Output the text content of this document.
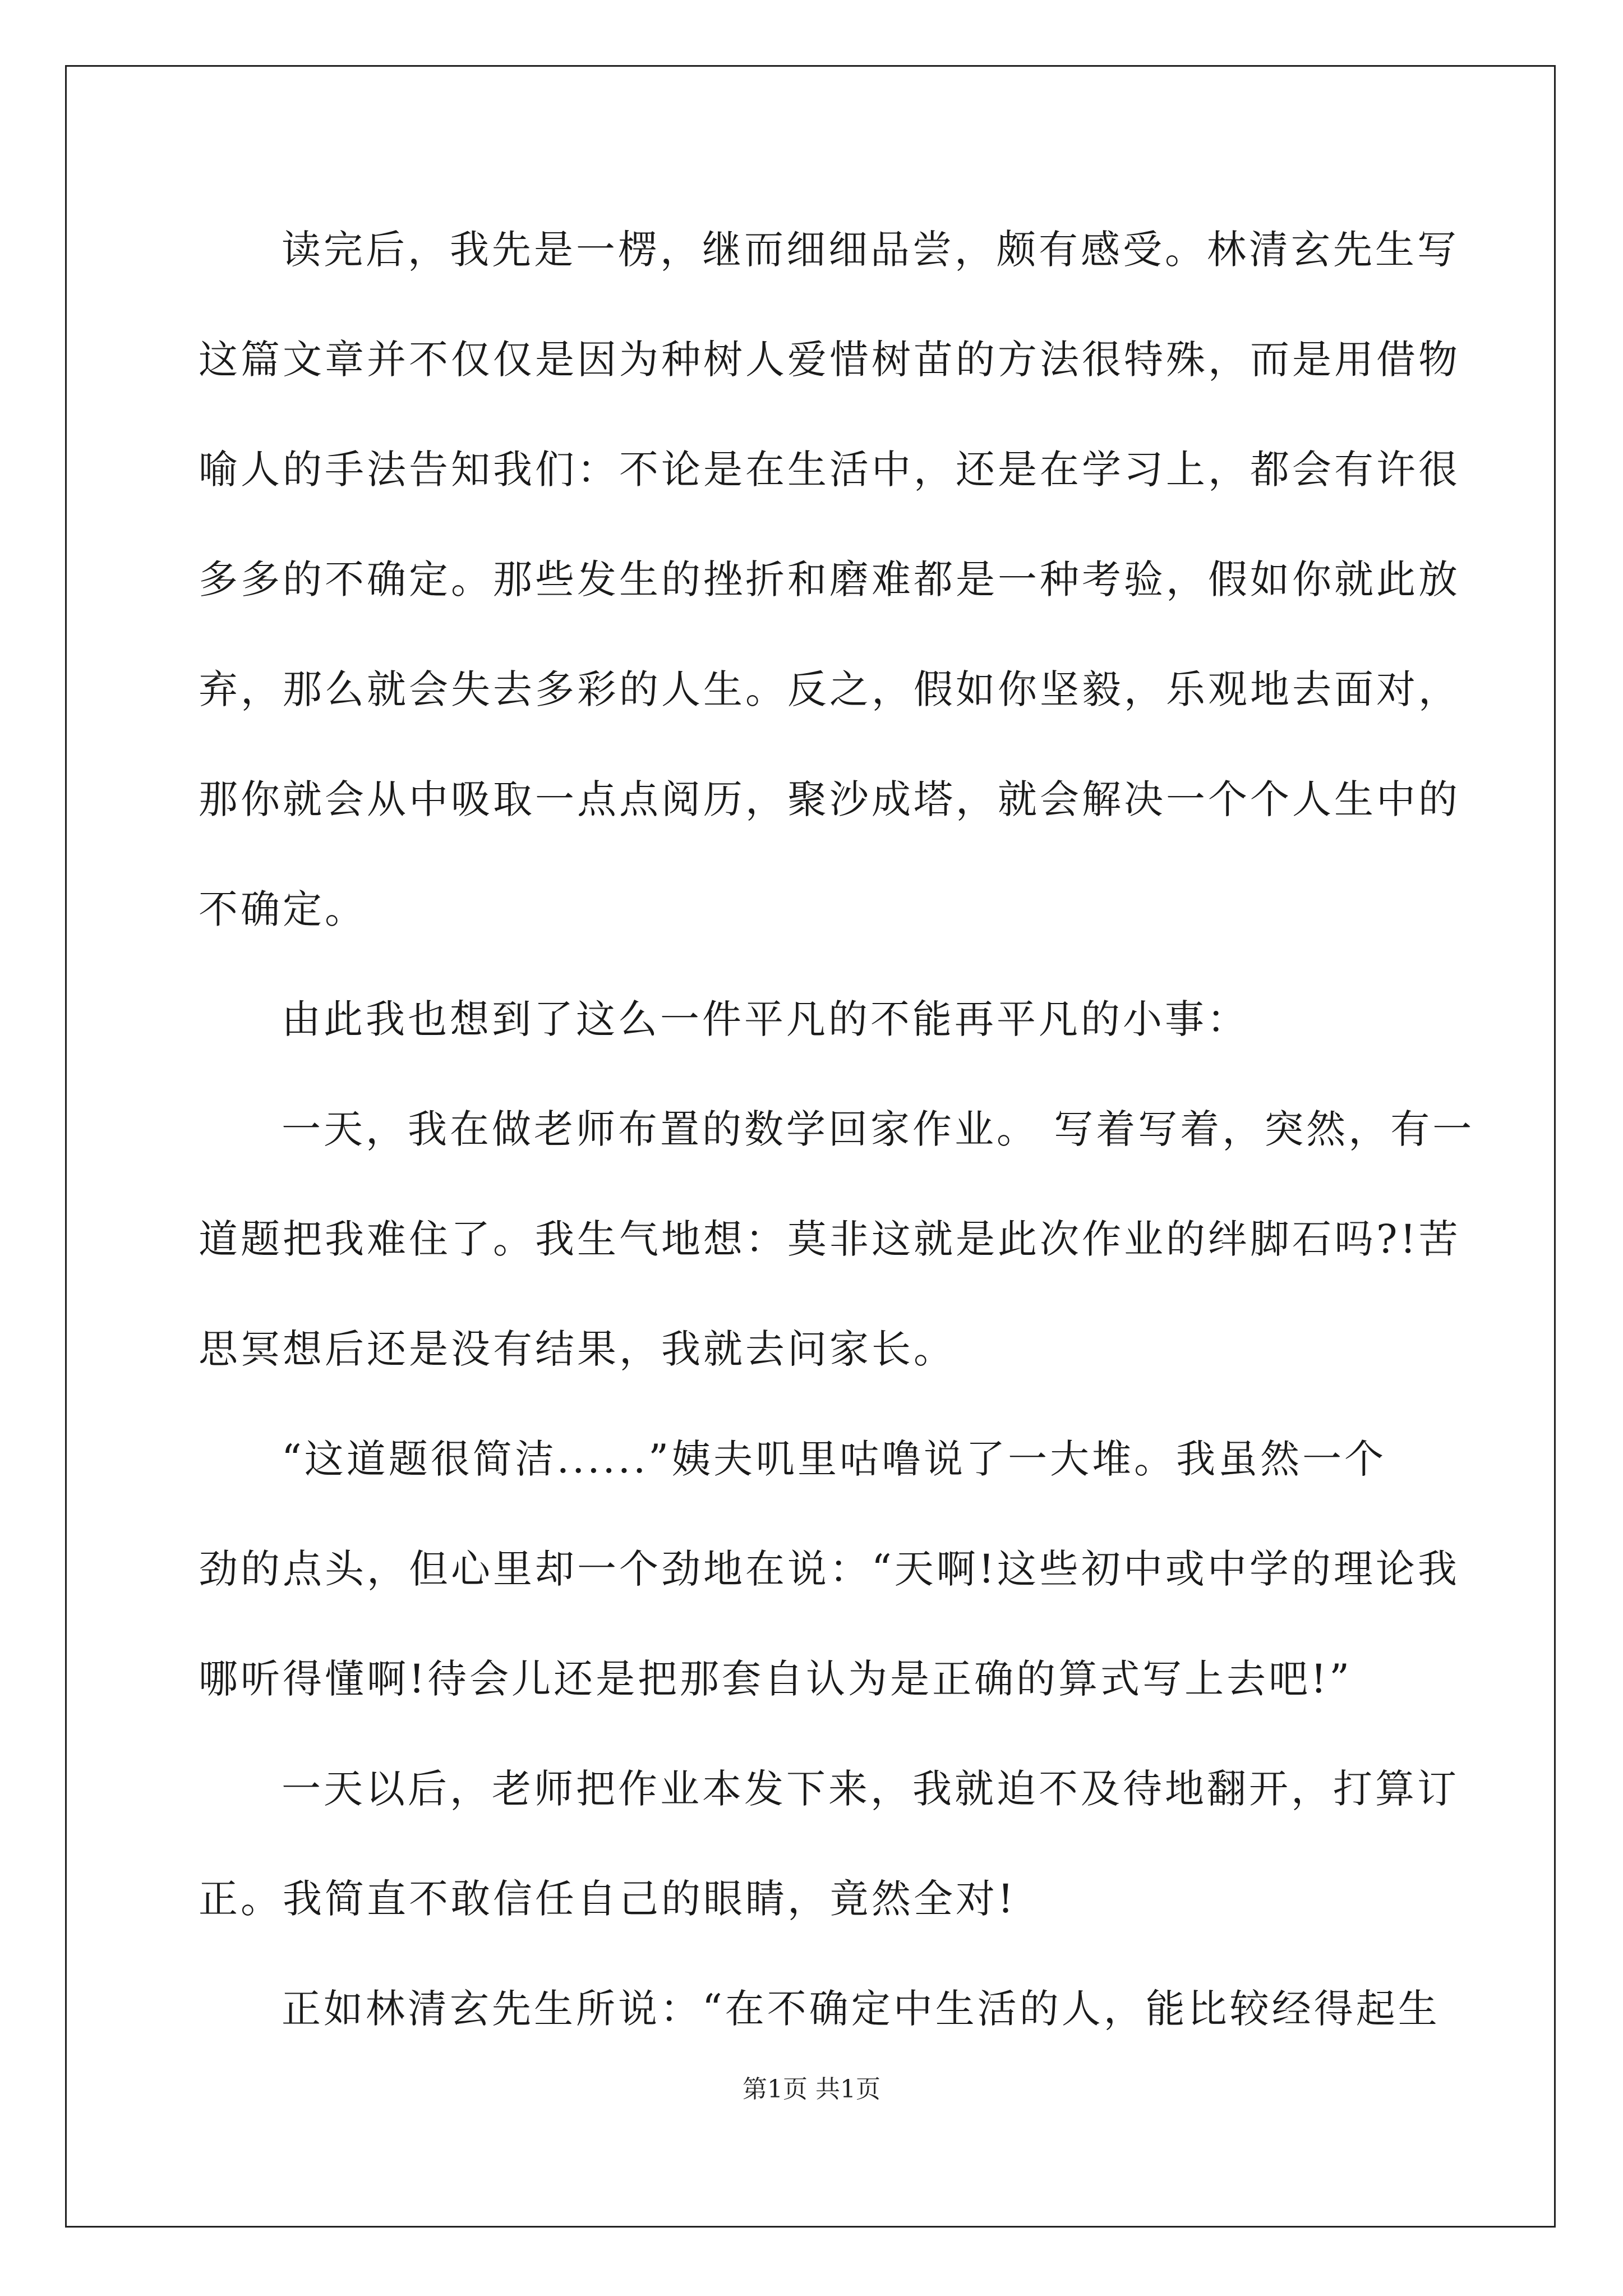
读完后，我先是一楞，继而细细品尝，颇有感受。林清玄先生写
这篇文章并不仅仅是因为种树人爱惜树苗的方法很特殊，而是用借物
喻人的手法告知我们：不论是在生活中，还是在学习上，都会有许很
多多的不确定。那些发生的挫折和磨难都是一种考验，假如你就此放
弃，那么就会失去多彩的人生。反之，假如你坚毅，乐观地去面对，
那你就会从中吸取一点点阅历，聚沙成塔，就会解决一个个人生中的
不确定。
由此我也想到了这么一件平凡的不能再平凡的小事：
一天，我在做老师布置的数学回家作业。 写着写着，突然，有一
道题把我难住了。我生气地想：莫非这就是此次作业的绊脚石吗?!苦
思冥想后还是没有结果，我就去问家长。
“这道题很简洁......”姨夫叽里咕噜说了一大堆。我虽然一个
劲的点头，但心里却一个劲地在说：“天啊!这些初中或中学的理论我
哪听得懂啊!待会儿还是把那套自认为是正确的算式写上去吧!”
一天以后，老师把作业本发下来，我就迫不及待地翻开，打算订
正。我简直不敢信任自己的眼睛，竟然全对!
正如林清玄先生所说：“在不确定中生活的人，能比较经得起生
第1页 共1页
